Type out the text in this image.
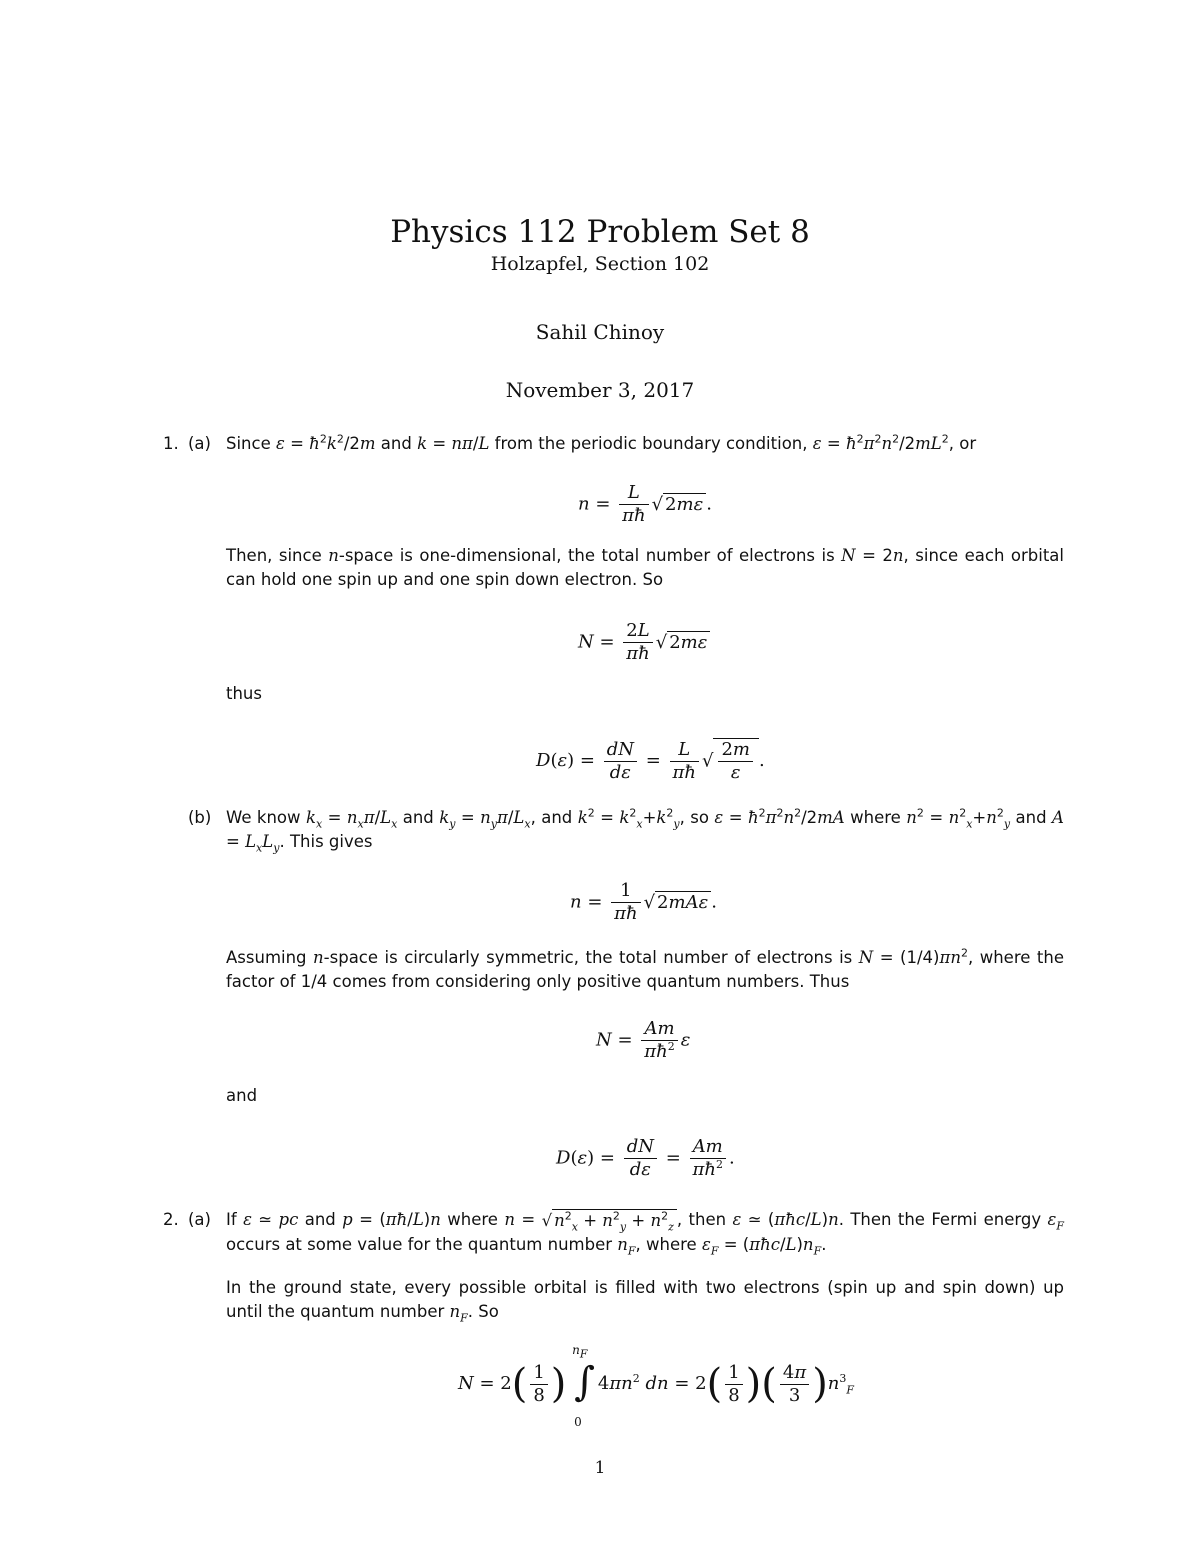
Physics 112 Problem Set 8
Holzapfel, Section 102
Sahil Chinoy
November 3, 2017
1. (a) Since $\varepsilon = ħ^2k^2/2m$ and k = nπ/L from the periodic boundary condition, $\varepsilon = ħ^2\pi^2n^2/2mL^2$, or
$n = \frac{L}{\pi ħ}$ √ 2mε .
Then, since n-space is one-dimensional, the total number of electrons is N = 2n, since each orbital can hold one spin up and one spin down electron. So
$N = \frac{2L}{\pi ħ}$ √ 2mε
thus
$D(\varepsilon) = \frac{dN}{d\varepsilon} = \frac{L}{\pi ħ}$ √ $\frac{2m}{\varepsilon}$ .
(b) We know $k_x = n_x\pi/L_x$ and $k_y = n_y\pi/L_x$, and $k^2 = k^2_x+k^2_y$, so $\varepsilon = ħ^2\pi^2n^2/2mA$ where $n^2 = n^2_x+n^2_y$ and $A = L_xL_y$. This gives
$n = \frac{1}{\pi ħ}$ √ 2mAε .
Assuming n-space is circularly symmetric, the total number of electrons is $N = (1/4)\pi n^2$, where the factor of 1/4 comes from considering only positive quantum numbers. Thus
$N = \frac{Am}{\pi ħ^2}$ ε
and
$D(\varepsilon) = \frac{dN}{d\varepsilon} = \frac{Am}{\pi ħ^2}$ .
2. (a) If ε ≃ pc and p = (πħ/L)n where n = √ $n^2_x + n^2_y + n^2_z$ , then ε ≃ (πħc/L)n. Then the Fermi energy $\varepsilon_F$ occurs at some value for the quantum number $n_F$, where $\varepsilon_F$ = $(\pi ħc/L)n_F$.
In the ground state, every possible orbital is filled with two electrons (spin up and spin down) up until the quantum number $n_F$. So
$N = 2( \frac{1}{8}$ )
$n_F$
∫
0
$4\pi n^2$ dn = $2( \frac{1}{8}$ )( $\frac{4\pi}{3} )n^3_F$
1
